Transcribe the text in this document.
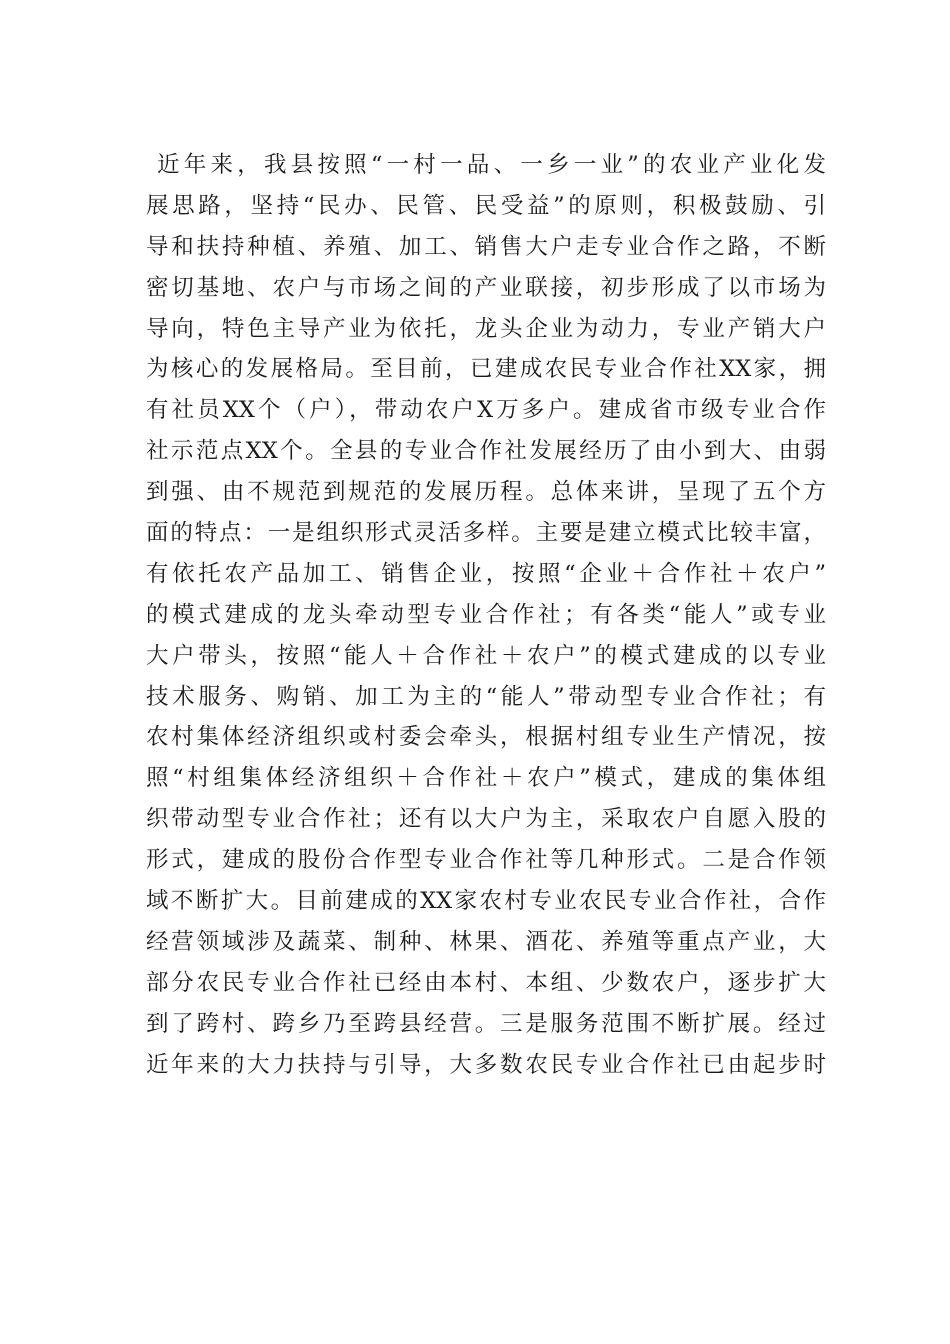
近年来，我县按照“一村一品、一乡一业”的农业产业化发
展思路，坚持“民办、民管、民受益”的原则，积极鼓励、引
导和扶持种植、养殖、加工、销售大户走专业合作之路，不断
密切基地、农户与市场之间的产业联接，初步形成了以市场为
导向，特色主导产业为依托，龙头企业为动力，专业产销大户
为核心的发展格局。至目前，已建成农民专业合作社XX家，拥
有社员XX个（户），带动农户X万多户。建成省市级专业合作
社示范点XX个。全县的专业合作社发展经历了由小到大、由弱
到强、由不规范到规范的发展历程。总体来讲，呈现了五个方
面的特点：一是组织形式灵活多样。主要是建立模式比较丰富，
有依托农产品加工、销售企业，按照“企业＋合作社＋农户”
的模式建成的龙头牵动型专业合作社；有各类“能人”或专业
大户带头，按照“能人＋合作社＋农户”的模式建成的以专业
技术服务、购销、加工为主的“能人”带动型专业合作社；有
农村集体经济组织或村委会牵头，根据村组专业生产情况，按
照“村组集体经济组织＋合作社＋农户”模式，建成的集体组
织带动型专业合作社；还有以大户为主，采取农户自愿入股的
形式，建成的股份合作型专业合作社等几种形式。二是合作领
域不断扩大。目前建成的XX家农村专业农民专业合作社，合作
经营领域涉及蔬菜、制种、林果、酒花、养殖等重点产业，大
部分农民专业合作社已经由本村、本组、少数农户，逐步扩大
到了跨村、跨乡乃至跨县经营。三是服务范围不断扩展。经过
近年来的大力扶持与引导，大多数农民专业合作社已由起步时
